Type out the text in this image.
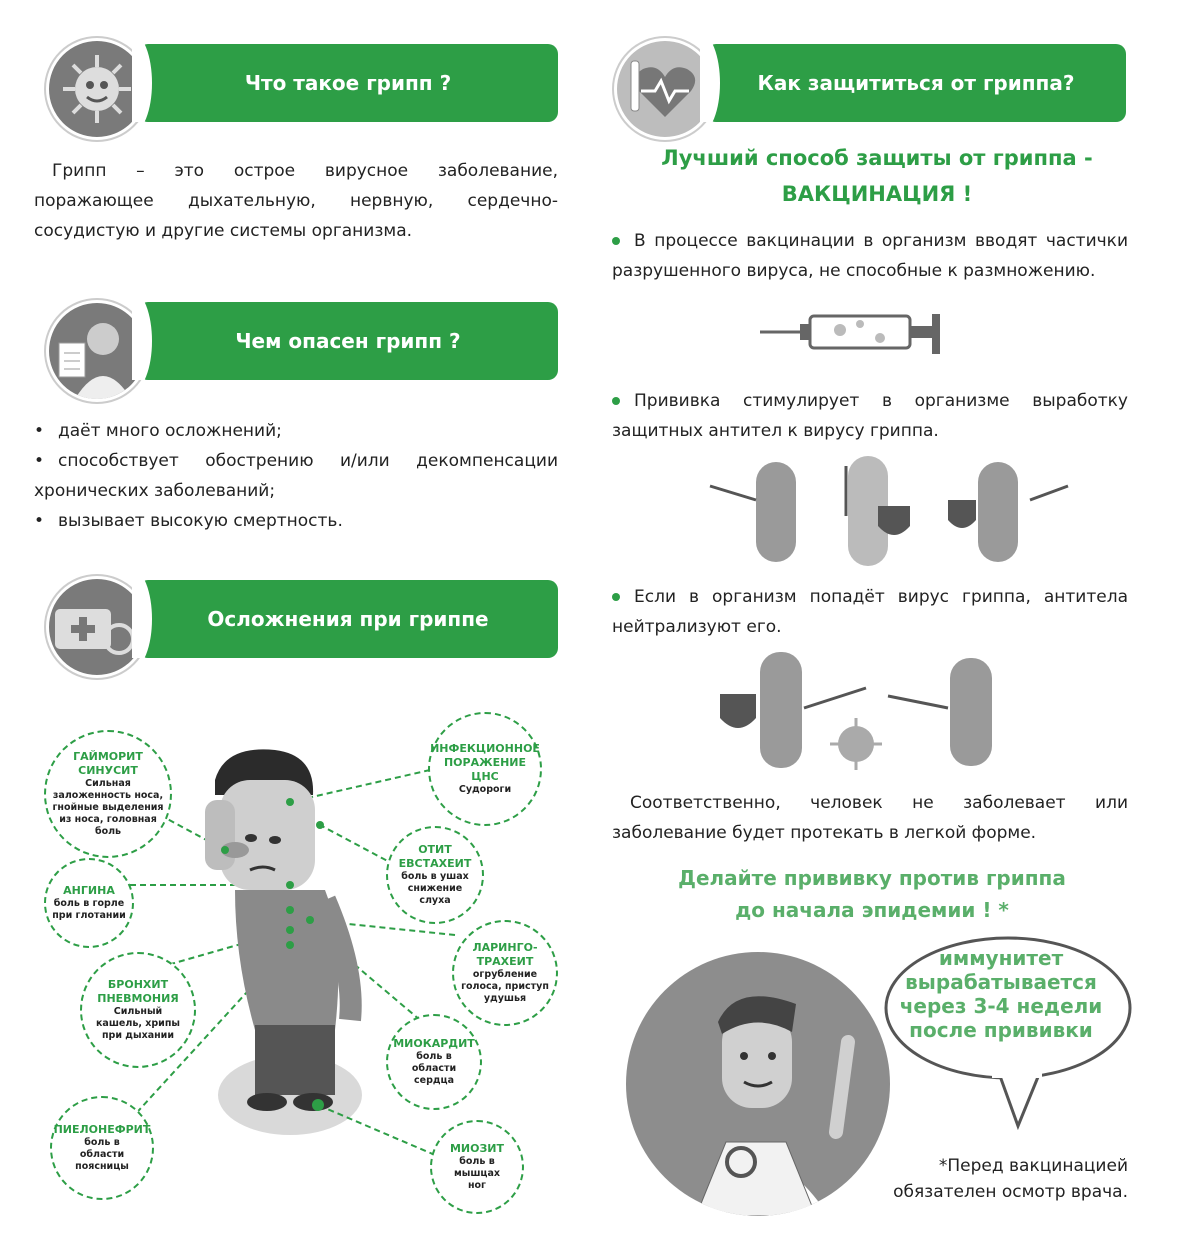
Что такое грипп ?
Грипп – это острое вирусное заболевание, поражающее дыхательную, нервную, сердечно-сосудистую и другие системы организма.
Чем опасен грипп ?
• даёт много осложнений;
• способствует обострению и/или декомпенсации хронических заболеваний;
• вызывает высокую смертность.
Осложнения при гриппе
ГАЙМОРИТ СИНУСИТ
Сильная заложенность носа, гнойные выделения из носа, головная боль
АНГИНА
боль в горле при глотании
БРОНХИТ ПНЕВМОНИЯ
Сильный кашель, хрипы при дыхании
ПИЕЛОНЕФРИТ
боль в области поясницы
ИНФЕКЦИОННОЕ ПОРАЖЕНИЕ ЦНС
Судороги
ОТИТ ЕВСТАХЕИТ
боль в ушах снижение слуха
ЛАРИНГО-ТРАХЕИТ
огрубление голоса, приступ удушья
МИОКАРДИТ
боль в области сердца
МИОЗИТ
боль в мышцах ног
Как защититься от гриппа?
Лучший способ защиты от гриппа -
ВАКЦИНАЦИЯ !
В процессе вакцинации в организм вводят частички разрушенного вируса, не способные к размножению.
Прививка стимулирует в организме выработку защитных антител к вирусу гриппа.
Если в организм попадёт вирус гриппа, антитела нейтрализуют его.
Соответственно, человек не заболевает или заболевание будет протекать в легкой форме.
Делайте прививку против гриппа
до начала эпидемии ! *
иммунитет вырабатывается через 3-4 недели после прививки
*Перед вакцинацией
обязателен осмотр врача.
